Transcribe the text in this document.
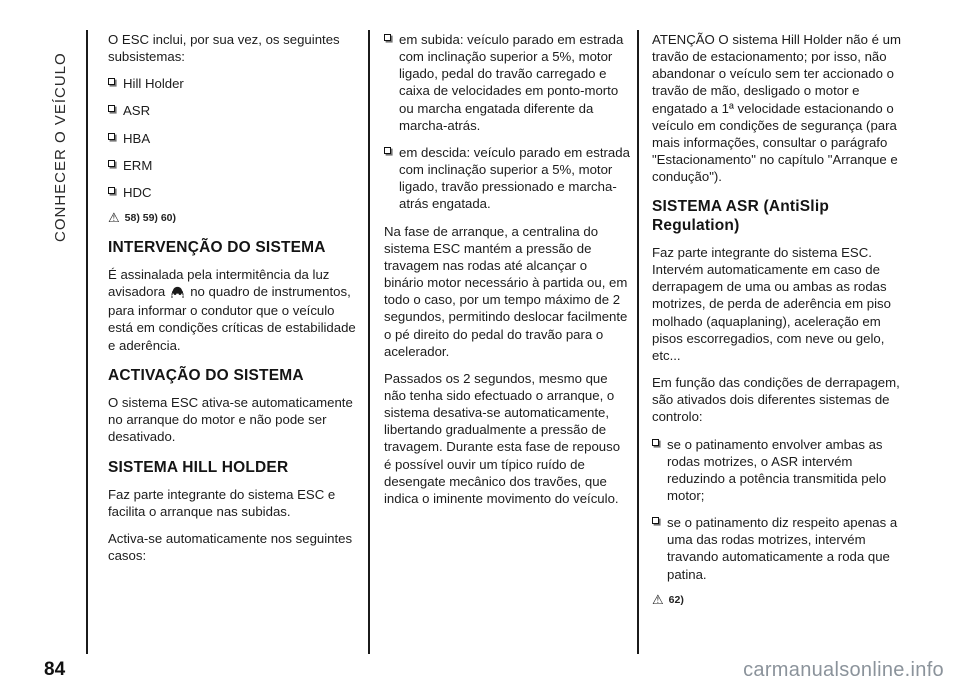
CONHECER O VEÍCULO

O ESC inclui, por sua vez, os seguintes subsistemas:

Hill Holder
ASR
HBA
ERM
HDC
⚠ 58) 59) 60)
INTERVENÇÃO DO SISTEMA

É assinalada pela intermitência da luz avisadora no quadro de instrumentos, para informar o condutor que o veículo está em condições críticas de estabilidade e aderência.

ACTIVAÇÃO DO SISTEMA

O sistema ESC ativa-se automaticamente no arranque do motor e não pode ser desativado.

SISTEMA HILL HOLDER

Faz parte integrante do sistema ESC e facilita o arranque nas subidas.

Activa-se automaticamente nos seguintes casos:

em subida: veículo parado em estrada com inclinação superior a 5%, motor ligado, pedal do travão carregado e caixa de velocidades em ponto-morto ou marcha engatada diferente da marcha-atrás.
em descida: veículo parado em estrada com inclinação superior a 5%, motor ligado, travão pressionado e marcha-atrás engatada.

Na fase de arranque, a centralina do sistema ESC mantém a pressão de travagem nas rodas até alcançar o binário motor necessário à partida ou, em todo o caso, por um tempo máximo de 2 segundos, permitindo deslocar facilmente o pé direito do pedal do travão para o acelerador.

Passados os 2 segundos, mesmo que não tenha sido efectuado o arranque, o sistema desativa-se automaticamente, libertando gradualmente a pressão de travagem. Durante esta fase de repouso é possível ouvir um típico ruído de desengate mecânico dos travões, que indica o iminente movimento do veículo.

ATENÇÃO O sistema Hill Holder não é um travão de estacionamento; por isso, não abandonar o veículo sem ter accionado o travão de mão, desligado o motor e engatado a 1ª velocidade estacionando o veículo em condições de segurança (para mais informações, consultar o parágrafo "Estacionamento" no capítulo "Arranque e condução").

SISTEMA ASR (AntiSlip Regulation)

Faz parte integrante do sistema ESC. Intervém automaticamente em caso de derrapagem de uma ou ambas as rodas motrizes, de perda de aderência em piso molhado (aquaplaning), aceleração em pisos escorregadios, com neve ou gelo, etc...

Em função das condições de derrapagem, são ativados dois diferentes sistemas de controlo:

se o patinamento envolver ambas as rodas motrizes, o ASR intervém reduzindo a potência transmitida pelo motor;
se o patinamento diz respeito apenas a uma das rodas motrizes, intervém travando automaticamente a roda que patina.
⚠ 62)
84	carmanualsonline.info
